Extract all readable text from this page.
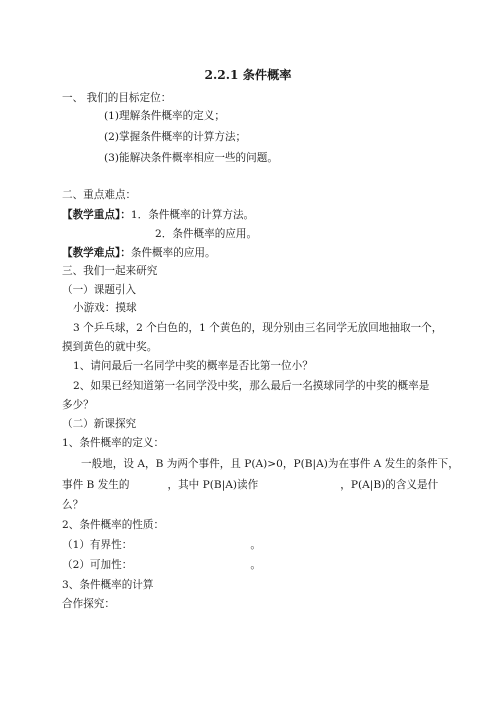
2.2.1 条件概率
一、 我们的目标定位：
(1)理解条件概率的定义；
(2)掌握条件概率的计算方法；
(3)能解决条件概率相应一些的问题。
二、重点难点：
【教学重点】：1．条件概率的计算方法。
2．条件概率的应用。
【教学难点】：条件概率的应用。
三、我们一起来研究
（一）课题引入
小游戏：摸球
3 个乒乓球，2 个白色的，1 个黄色的，现分别由三名同学无放回地抽取一个，
摸到黄色的就中奖。
1、请问最后一名同学中奖的概率是否比第一位小？
2、如果已经知道第一名同学没中奖，那么最后一名摸球同学的中奖的概率是
多少？
（二）新课探究
1、条件概率的定义：
一般地，设 A，B 为两个事件，且 P(A)>0，P(B|A)为在事件 A 发生的条件下，
事件 B 发生的	，其中 P(B|A)读作	，P(A|B)的含义是什
么？
2、条件概率的性质：
（1）有界性：	。
（2）可加性：	。
3、条件概率的计算
合作探究：
